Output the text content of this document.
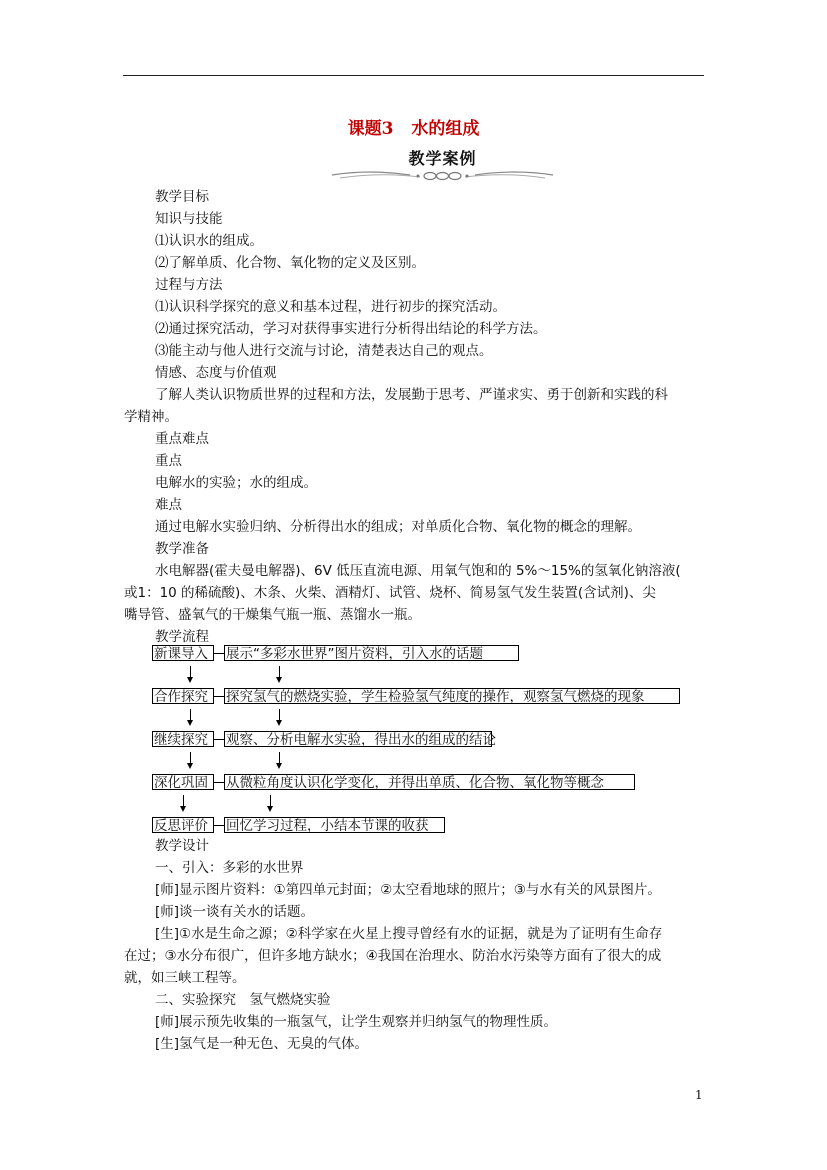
课题3 水的组成
教学案例
教学目标
知识与技能
⑴认识水的组成。
⑵了解单质、化合物、氧化物的定义及区别。
过程与方法
⑴认识科学探究的意义和基本过程，进行初步的探究活动。
⑵通过探究活动，学习对获得事实进行分析得出结论的科学方法。
⑶能主动与他人进行交流与讨论，清楚表达自己的观点。
情感、态度与价值观
了解人类认识物质世界的过程和方法，发展勤于思考、严谨求实、勇于创新和实践的科
学精神。
重点难点
重点
电解水的实验；水的组成。
难点
通过电解水实验归纳、分析得出水的组成；对单质化合物、氧化物的概念的理解。
教学准备
水电解器(霍夫曼电解器)、6V 低压直流电源、用氧气饱和的 5%～15%的氢氧化钠溶液(
或1：10 的稀硫酸)、木条、火柴、酒精灯、试管、烧杯、简易氢气发生装置(含试剂)、尖
嘴导管、盛氧气的干燥集气瓶一瓶、蒸馏水一瓶。
教学流程
新课导入	展示“多彩水世界”图片资料，引入水的话题
合作探究	探究氢气的燃烧实验，学生检验氢气纯度的操作，观察氢气燃烧的现象
继续探究	观察、分析电解水实验，得出水的组成的结论
深化巩固	从微粒角度认识化学变化，并得出单质、化合物、氧化物等概念
反思评价	回忆学习过程，小结本节课的收获
教学设计
一、引入：多彩的水世界
[师]显示图片资料：①第四单元封面；②太空看地球的照片；③与水有关的风景图片。
[师]谈一谈有关水的话题。
[生]①水是生命之源；②科学家在火星上搜寻曾经有水的证据，就是为了证明有生命存
在过；③水分布很广，但许多地方缺水；④我国在治理水、防治水污染等方面有了很大的成
就，如三峡工程等。
二、实验探究　氢气燃烧实验
[师]展示预先收集的一瓶氢气，让学生观察并归纳氢气的物理性质。
[生]氢气是一种无色、无臭的气体。
1
